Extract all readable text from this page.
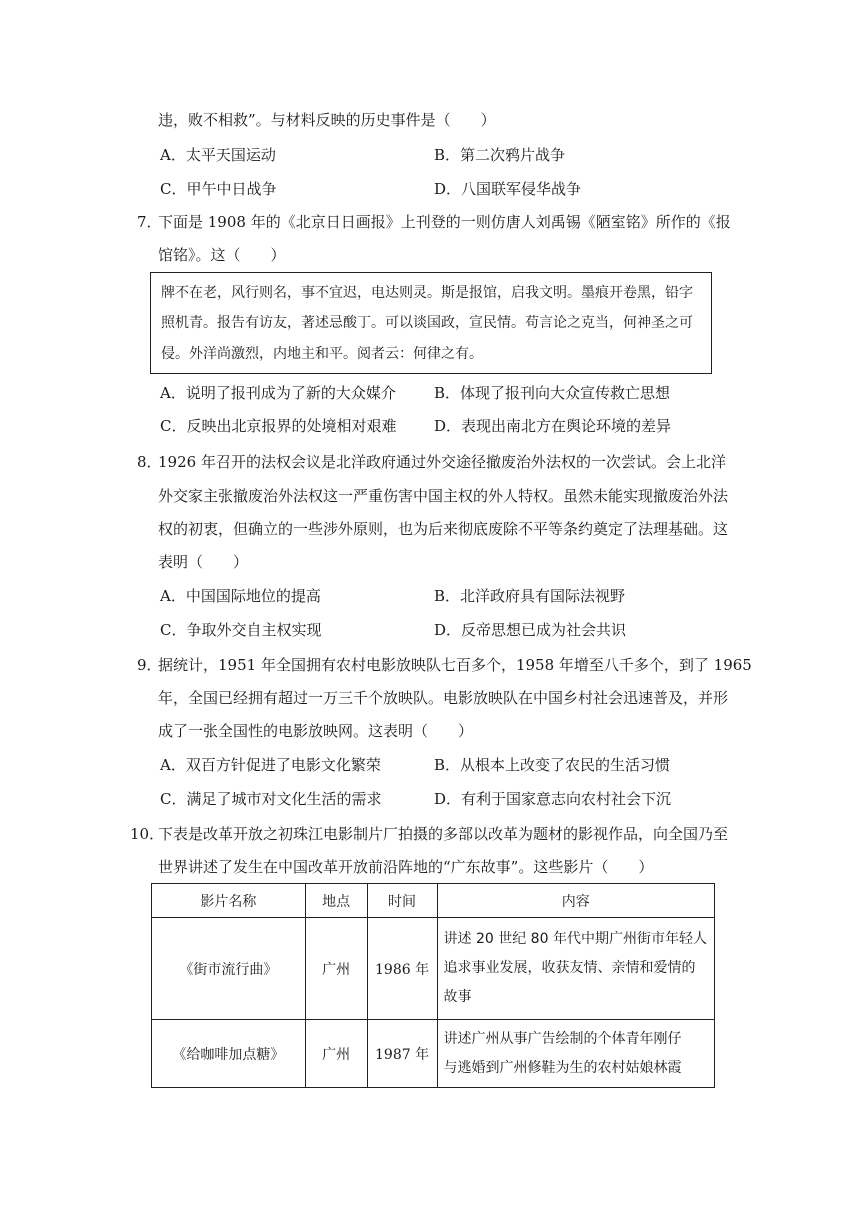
违，败不相救”。与材料反映的历史事件是（　　）
A．太平天国运动	B．第二次鸦片战争
C．甲午中日战争	D．八国联军侵华战争
7．
下面是 1908 年的《北京日日画报》上刊登的一则仿唐人刘禹锡《陋室铭》所作的《报
馆铭》。这（　　）
牌不在老，风行则名，事不宜迟，电达则灵。斯是报馆，启我文明。墨痕开卷黑，铅字
照机青。报告有访友，著述忌酸丁。可以谈国政，宣民情。苟言论之克当，何神圣之可
侵。外洋尚激烈，内地主和平。阅者云：何律之有。
A．说明了报刊成为了新的大众媒介	B．体现了报刊向大众宣传救亡思想
C．反映出北京报界的处境相对艰难	D．表现出南北方在舆论环境的差异
8．
1926 年召开的法权会议是北洋政府通过外交途径撤废治外法权的一次尝试。会上北洋
外交家主张撤废治外法权这一严重伤害中国主权的外人特权。虽然未能实现撤废治外法
权的初衷，但确立的一些涉外原则，也为后来彻底废除不平等条约奠定了法理基础。这
表明（　　）
A．中国国际地位的提高	B．北洋政府具有国际法视野
C．争取外交自主权实现	D．反帝思想已成为社会共识
9．
据统计，1951 年全国拥有农村电影放映队七百多个，1958 年增至八千多个，到了 1965
年，全国已经拥有超过一万三千个放映队。电影放映队在中国乡村社会迅速普及，并形
成了一张全国性的电影放映网。这表明（　　）
A．双百方针促进了电影文化繁荣	B．从根本上改变了农民的生活习惯
C．满足了城市对文化生活的需求	D．有利于国家意志向农村社会下沉
10．
下表是改革开放之初珠江电影制片厂拍摄的多部以改革为题材的影视作品，向全国乃至
世界讲述了发生在中国改革开放前沿阵地的“广东故事”。这些影片（　　）
影片名称	地点	时间	内容
《街市流行曲》	广州	1986 年	讲述 20 世纪 80 年代中期广州街市年轻人
追求事业发展，收获友情、亲情和爱情的
故事

《给咖啡加点糖》	广州	1987 年	讲述广州从事广告绘制的个体青年刚仔
与逃婚到广州修鞋为生的农村姑娘林霞
